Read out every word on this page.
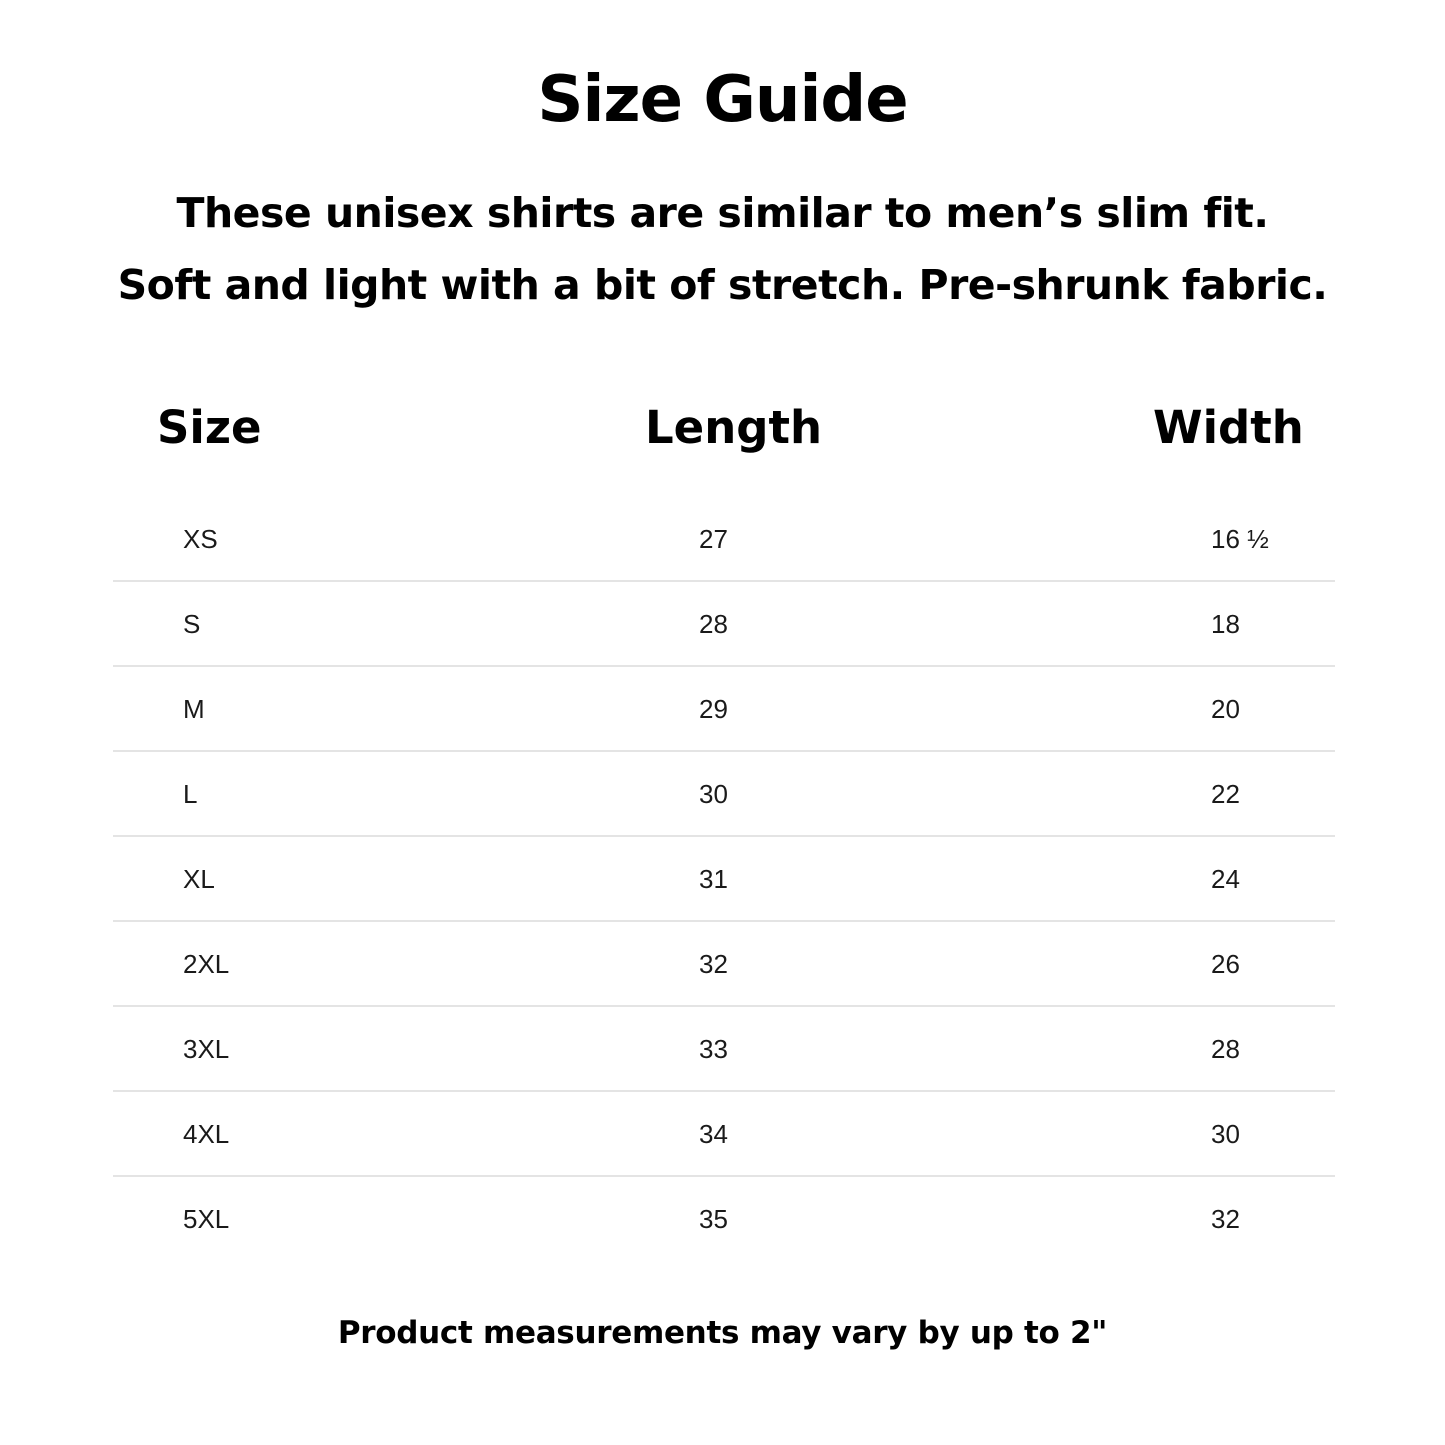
Size Guide
These unisex shirts are similar to men’s slim fit.
Soft and light with a bit of stretch. Pre-shrunk fabric.
Size	Length	Width
XS	27	16 ½
S	28	18
M	29	20
L	30	22
XL	31	24
2XL	32	26
3XL	33	28
4XL	34	30
5XL	35	32
Product measurements may vary by up to 2"
